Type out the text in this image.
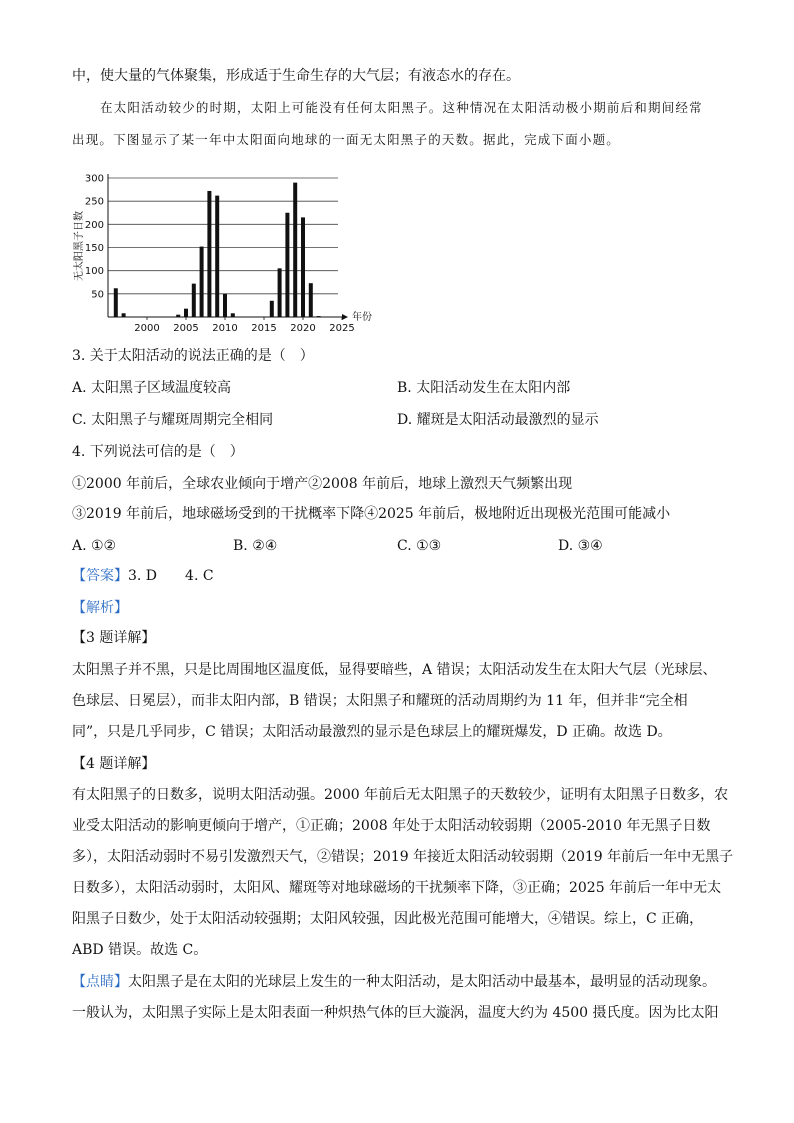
中，使大量的气体聚集，形成适于生命生存的大气层；有液态水的存在。
在太阳活动较少的时期，太阳上可能没有任何太阳黑子。这种情况在太阳活动极小期前后和期间经常
出现。下图显示了某一年中太阳面向地球的一面无太阳黑子的天数。据此，完成下面小题。
50
100
150
200
250
300
2000 2005 2010 2015 2020 2025
无太阳黑子日数
年份
3. 关于太阳活动的说法正确的是（　）
A. 太阳黑子区域温度较高	B. 太阳活动发生在太阳内部
C. 太阳黑子与耀斑周期完全相同	D. 耀斑是太阳活动最激烈的显示
4. 下列说法可信的是（　）
①2000 年前后，全球农业倾向于增产②2008 年前后，地球上激烈天气频繁出现
③2019 年前后，地球磁场受到的干扰概率下降④2025 年前后，极地附近出现极光范围可能减小
A. ①②	B. ②④	C. ①③	D. ③④
【答案】3. D　　4. C
【解析】
【3 题详解】
太阳黑子并不黑，只是比周围地区温度低，显得要暗些，A 错误；太阳活动发生在太阳大气层（光球层、
色球层、日冕层），而非太阳内部，B 错误；太阳黑子和耀斑的活动周期约为 11 年，但并非“完全相
同”，只是几乎同步，C 错误；太阳活动最激烈的显示是色球层上的耀斑爆发，D 正确。故选 D。
【4 题详解】
有太阳黑子的日数多，说明太阳活动强。2000 年前后无太阳黑子的天数较少，证明有太阳黑子日数多，农
业受太阳活动的影响更倾向于增产，①正确；2008 年处于太阳活动较弱期（2005-2010 年无黑子日数
多），太阳活动弱时不易引发激烈天气，②错误；2019 年接近太阳活动较弱期（2019 年前后一年中无黑子
日数多），太阳活动弱时，太阳风、耀斑等对地球磁场的干扰频率下降，③正确；2025 年前后一年中无太
阳黑子日数少，处于太阳活动较强期；太阳风较强，因此极光范围可能增大，④错误。综上，C 正确，
ABD 错误。故选 C。
【点睛】太阳黑子是在太阳的光球层上发生的一种太阳活动，是太阳活动中最基本，最明显的活动现象。
一般认为，太阳黑子实际上是太阳表面一种炽热气体的巨大漩涡，温度大约为 4500 摄氏度。因为比太阳
